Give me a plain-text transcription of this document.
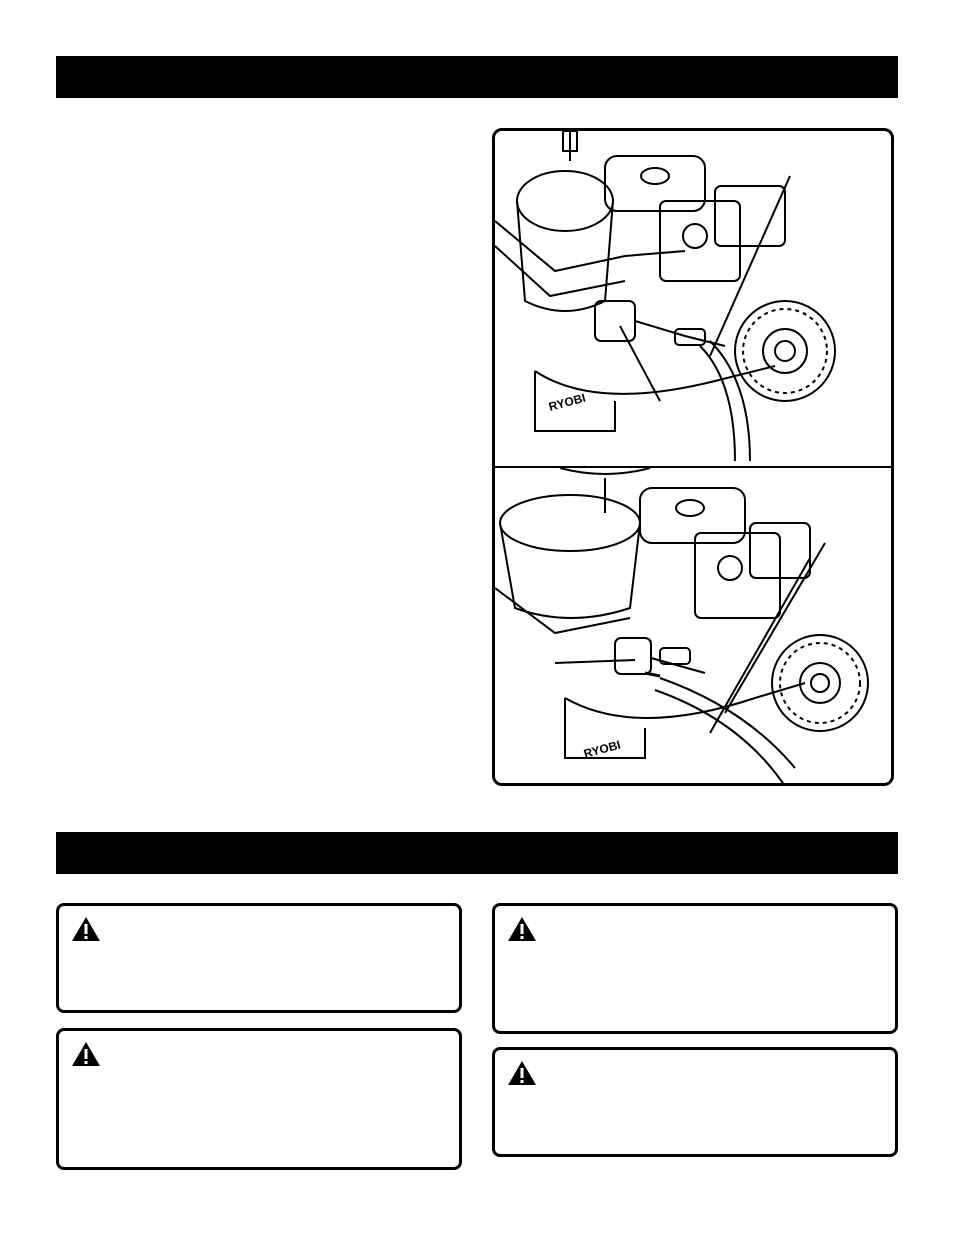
RYOBI
RYOBI
